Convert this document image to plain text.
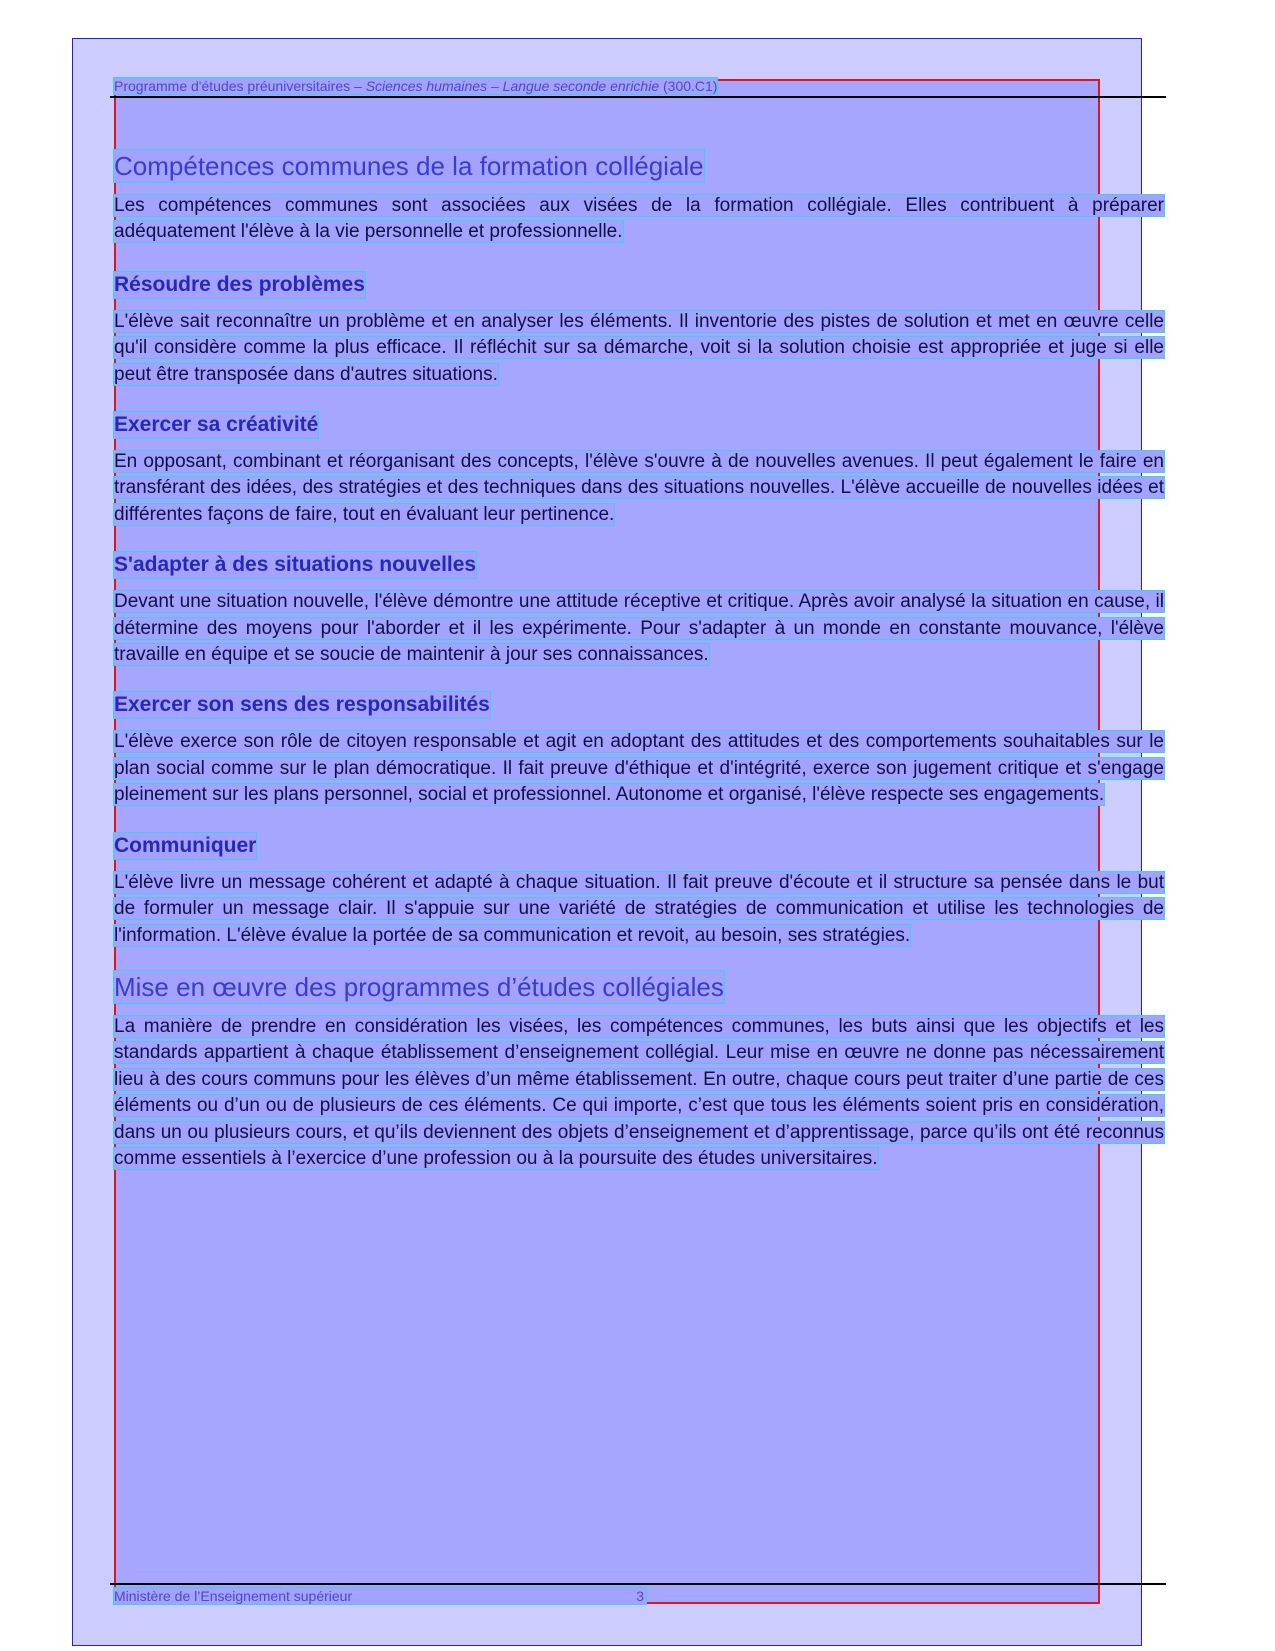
Programme d'études préuniversitaires – Sciences humaines – Langue seconde enrichie (300.C1)
Compétences communes de la formation collégiale

Les compétences communes sont associées aux visées de la formation collégiale. Elles contribuent à préparer adéquatement l'élève à la vie personnelle et professionnelle.

Résoudre des problèmes

L'élève sait reconnaître un problème et en analyser les éléments. Il inventorie des pistes de solution et met en œuvre celle qu'il considère comme la plus efficace. Il réfléchit sur sa démarche, voit si la solution choisie est appropriée et juge si elle peut être transposée dans d'autres situations.

Exercer sa créativité

En opposant, combinant et réorganisant des concepts, l'élève s'ouvre à de nouvelles avenues. Il peut également le faire en transférant des idées, des stratégies et des techniques dans des situations nouvelles. L'élève accueille de nouvelles idées et différentes façons de faire, tout en évaluant leur pertinence.

S'adapter à des situations nouvelles

Devant une situation nouvelle, l'élève démontre une attitude réceptive et critique. Après avoir analysé la situation en cause, il détermine des moyens pour l'aborder et il les expérimente. Pour s'adapter à un monde en constante mouvance, l'élève travaille en équipe et se soucie de maintenir à jour ses connaissances.

Exercer son sens des responsabilités

L'élève exerce son rôle de citoyen responsable et agit en adoptant des attitudes et des comportements souhaitables sur le plan social comme sur le plan démocratique. Il fait preuve d'éthique et d'intégrité, exerce son jugement critique et s'engage pleinement sur les plans personnel, social et professionnel. Autonome et organisé, l'élève respecte ses engagements.

Communiquer

L'élève livre un message cohérent et adapté à chaque situation. Il fait preuve d'écoute et il structure sa pensée dans le but de formuler un message clair. Il s'appuie sur une variété de stratégies de communication et utilise les technologies de l'information. L'élève évalue la portée de sa communication et revoit, au besoin, ses stratégies.

Mise en œuvre des programmes d’études collégiales

La manière de prendre en considération les visées, les compétences communes, les buts ainsi que les objectifs et les standards appartient à chaque établissement d’enseignement collégial. Leur mise en œuvre ne donne pas nécessairement lieu à des cours communs pour les élèves d’un même établissement. En outre, chaque cours peut traiter d’une partie de ces éléments ou d’un ou de plusieurs de ces éléments. Ce qui importe, c’est que tous les éléments soient pris en considération, dans un ou plusieurs cours, et qu’ils deviennent des objets d’enseignement et d’apprentissage, parce qu’ils ont été reconnus comme essentiels à l’exercice d’une profession ou à la poursuite des études universitaires.

Ministère de l’Enseignement supérieur	3
